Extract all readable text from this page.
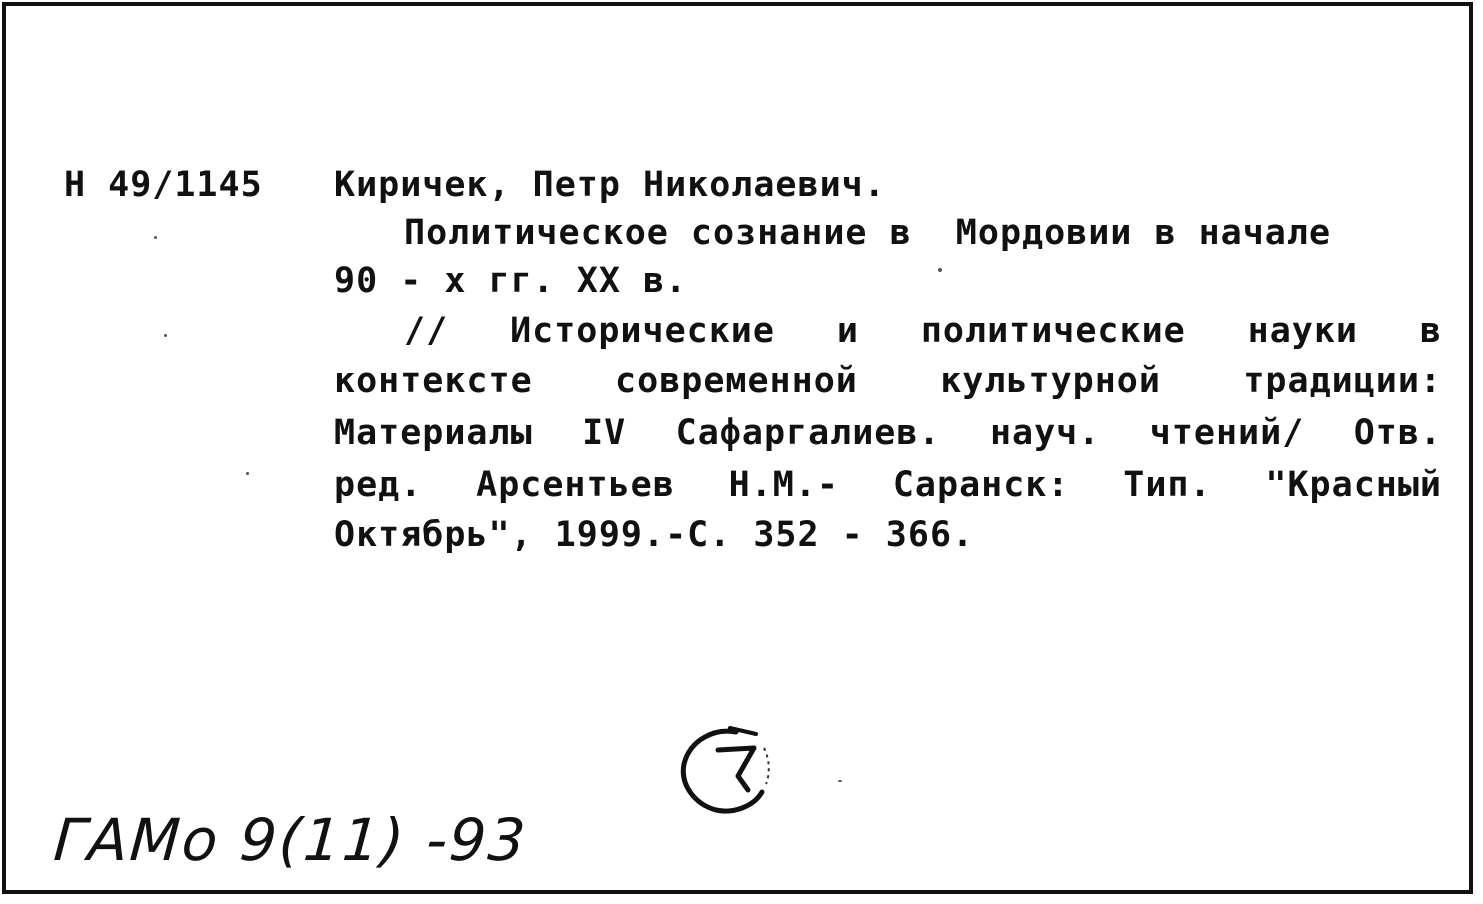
Н 49/1145 Киричек, Петр Николаевич.
Политическое сознание в  Мордовии в начале
90 - х гг. XX в.
// Исторические и политические науки в
контексте современной культурной традиции:
Материалы IV Сафаргалиев. науч. чтений/ Отв.
ред. Арсентьев Н.М.- Саранск: Тип. "Красный
Октябрь", 1999.-С. 352 - 366.
ГАМо 9(11) -93
